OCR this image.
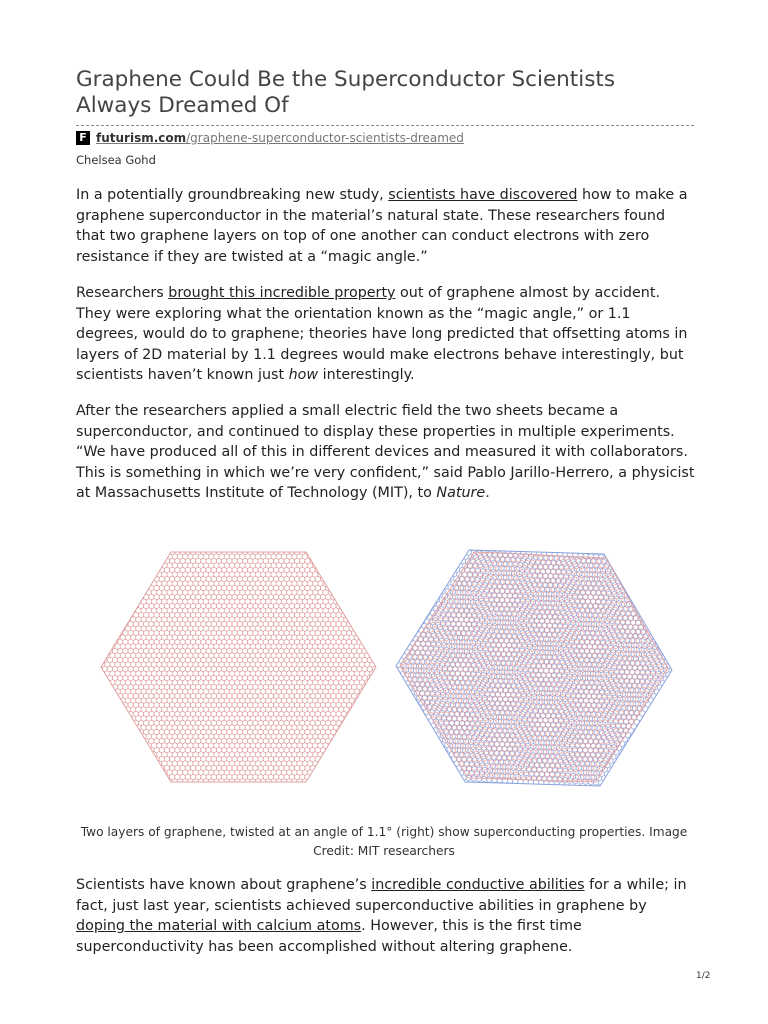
Graphene Could Be the Superconductor Scientists Always Dreamed Of
F futurism.com/graphene-superconductor-scientists-dreamed
Chelsea Gohd

In a potentially groundbreaking new study, scientists have discovered how to make a graphene superconductor in the material’s natural state. These researchers found that two graphene layers on top of one another can conduct electrons with zero resistance if they are twisted at a “magic angle.”

Researchers brought this incredible property out of graphene almost by accident. They were exploring what the orientation known as the “magic angle,” or 1.1 degrees, would do to graphene; theories have long predicted that offsetting atoms in layers of 2D material by 1.1 degrees would make electrons behave interestingly, but scientists haven’t known just how interestingly.

After the researchers applied a small electric field the two sheets became a superconductor, and continued to display these properties in multiple experiments. “We have produced all of this in different devices and measured it with collaborators. This is something in which we’re very confident,” said Pablo Jarillo-Herrero, a physicist at Massachusetts Institute of Technology (MIT), to Nature.

Two layers of graphene, twisted at an angle of 1.1° (right) show superconducting properties. Image Credit: MIT researchers

Scientists have known about graphene’s incredible conductive abilities for a while; in fact, just last year, scientists achieved superconductive abilities in graphene by doping the material with calcium atoms. However, this is the first time superconductivity has been accomplished without altering graphene.

1/2
